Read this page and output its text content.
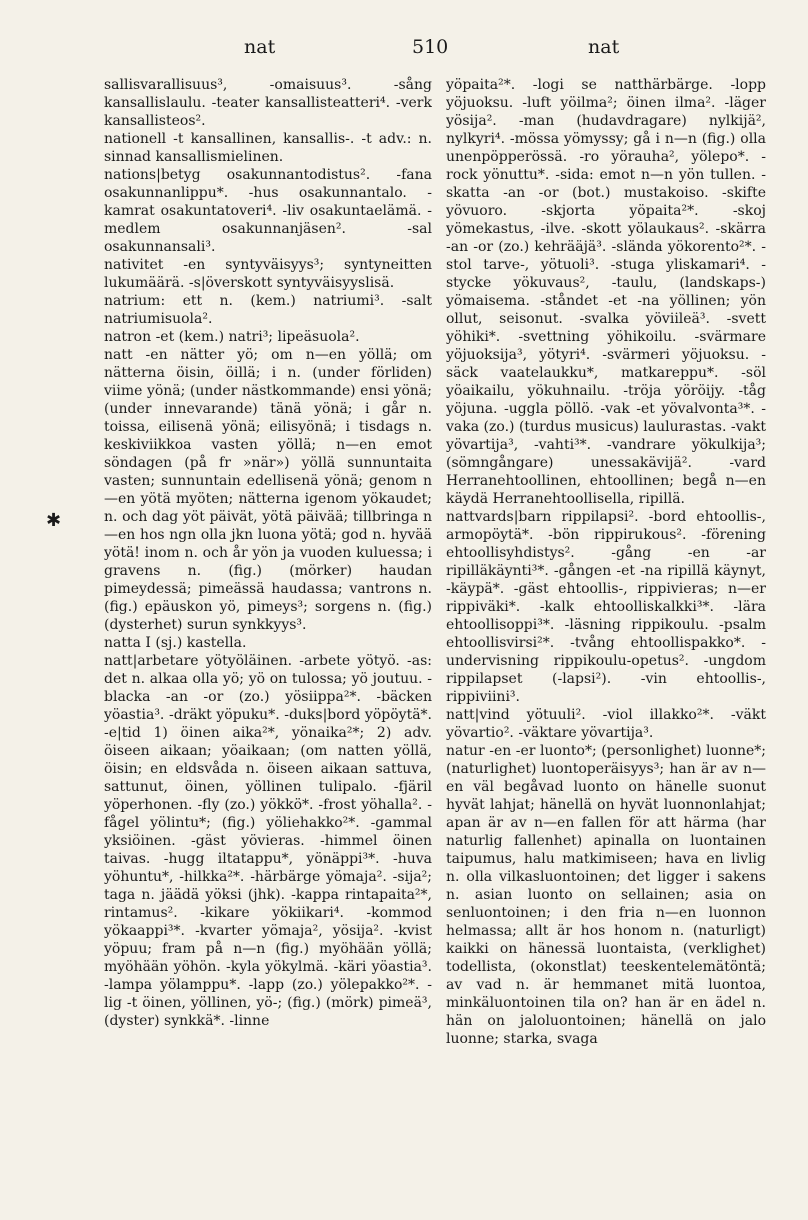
nat	510	nat
✱

sallisvarallisuus³, -omaisuus³. -sång kansallislaulu. -teater kansallisteatteri⁴. -verk kansallisteos².

nationell -t kansallinen, kansallis-. -t adv.: n. sinnad kansallismielinen.

nations|betyg osakunnantodistus². -fana osakunnanlippu*. -hus osakunnantalo. -kamrat osakuntatoveri⁴. -liv osakuntaelämä. -medlem osakunnanjäsen². -sal osakunnansali³.

nativitet -en syntyväisyys³; syntyneitten lukumäärä. -s|överskott syntyväisyyslisä.

natrium: ett n. (kem.) natriumi³. -salt natriumisuola².

natron -et (kem.) natri³; lipeäsuola².

natt -en nätter yö; om n—en yöllä; om nätterna öisin, öillä; i n. (under förliden) viime yönä; (under nästkommande) ensi yönä; (under innevarande) tänä yönä; i går n. toissa, eilisenä yönä; eilisyönä; i tisdags n. keskiviikkoa vasten yöllä; n—en emot söndagen (på fr »när») yöllä sunnuntaita vasten; sunnuntain edellisenä yönä; genom n—en yötä myöten; nätterna igenom yökaudet; n. och dag yöt päivät, yötä päivää; tillbringa n—en hos ngn olla jkn luona yötä; god n. hyvää yötä! inom n. och år yön ja vuoden kuluessa; i gravens n. (fig.) (mörker) haudan pimeydessä; pimeässä haudassa; vantrons n. (fig.) epäuskon yö, pimeys³; sorgens n. (fig.) (dysterhet) surun synkkyys³.

natta I (sj.) kastella.

natt|arbetare yötyöläinen. -arbete yötyö. -as: det n. alkaa olla yö; yö on tulossa; yö joutuu. -blacka -an -or (zo.) yösiippa²*. -bäcken yöastia³. -dräkt yöpuku*. -duks|bord yöpöytä*. -e|tid 1) öinen aika²*, yönaika²*; 2) adv. öiseen aikaan; yöaikaan; (om natten yöllä, öisin; en eldsvåda n. öiseen aikaan sattuva, sattunut, öinen, yöllinen tulipalo. -fjäril yöperhonen. -fly (zo.) yökkö*. -frost yöhalla². -fågel yölintu*; (fig.) yöliehakko²*. -gammal yksiöinen. -gäst yövieras. -himmel öinen taivas. -hugg iltatappu*, yönäppi³*. -huva yöhuntu*, -hilkka²*. -härbärge yömaja². -sija²; taga n. jäädä yöksi (jhk). -kappa rintapaita²*, rintamus². -kikare yökiikari⁴. -kommod yökaappi³*. -kvarter yömaja², yösija². -kvist yöpuu; fram på n—n (fig.) myöhään yöllä; myöhään yöhön. -kyla yökylmä. -käri yöastia³. -lampa yölamppu*. -lapp (zo.) yölepakko²*. -lig -t öinen, yöllinen, yö-; (fig.) (mörk) pimeä³, (dyster) synkkä*. -linne

yöpaita²*. -logi se natthärbärge. -lopp yöjuoksu. -luft yöilma²; öinen ilma². -läger yösija². -man (hudavdragare) nylkijä², nylkyri⁴. -mössa yömyssy; gå i n—n (fig.) olla unenpöpperössä. -ro yörauha², yölepo*. -rock yönuttu*. -sida: emot n—n yön tullen. -skatta -an -or (bot.) mustakoiso. -skifte yövuoro. -skjorta yöpaita²*. -skoj yömekastus, -ilve. -skott yölaukaus². -skärra -an -or (zo.) kehrääjä³. -slända yökorento²*. -stol tarve-, yötuoli³. -stuga yliskamari⁴. -stycke yökuvaus², -taulu, (landskaps-) yömaisema. -ståndet -et -na yöllinen; yön ollut, seisonut. -svalka yöviileä³. -svett yöhiki*. -svettning yöhikoilu. -svärmare yöjuoksija³, yötyri⁴. -svärmeri yöjuoksu. -säck vaatelaukku*, matkareppu*. -söl yöaikailu, yökuhnailu. -tröja yöröijy. -tåg yöjuna. -uggla pöllö. -vak -et yövalvonta³*. -vaka (zo.) (turdus musicus) laulurastas. -vakt yövartija³, -vahti³*. -vandrare yökulkija³; (sömngångare) unessakävijä². -vard Herranehtoollinen, ehtoollinen; begå n—en käydä Herranehtoollisella, ripillä.

nattvards|barn rippilapsi². -bord ehtoollis-, armopöytä*. -bön rippirukous². -förening ehtoollisyhdistys². -gång -en -ar ripilläkäynti³*. -gången -et -na ripillä käynyt, -käypä*. -gäst ehtoollis-, rippivieras; n—er rippiväki*. -kalk ehtoolliskalkki³*. -lära ehtoollisoppi³*. -läsning rippikoulu. -psalm ehtoollisvirsi²*. -tvång ehtoollispakko*. -undervisning rippikoulu-opetus². -ungdom rippilapset (-lapsi²). -vin ehtoollis-, rippiviini³.

natt|vind yötuuli². -viol illakko²*. -väkt yövartio². -väktare yövartija³.

natur -en -er luonto*; (personlighet) luonne*; (naturlighet) luontoperäisyys³; han är av n—en väl begåvad luonto on hänelle suonut hyvät lahjat; hänellä on hyvät luonnonlahjat; apan är av n—en fallen för att härma (har naturlig fallenhet) apinalla on luontainen taipumus, halu matkimiseen; hava en livlig n. olla vilkasluontoinen; det ligger i sakens n. asian luonto on sellainen; asia on senluontoinen; i den fria n—en luonnon helmassa; allt är hos honom n. (naturligt) kaikki on hänessä luontaista, (verklighet) todellista, (okonstlat) teeskentelemätöntä; av vad n. är hemmanet mitä luontoa, minkäluontoinen tila on? han är en ädel n. hän on jaloluontoinen; hänellä on jalo luonne; starka, svaga
